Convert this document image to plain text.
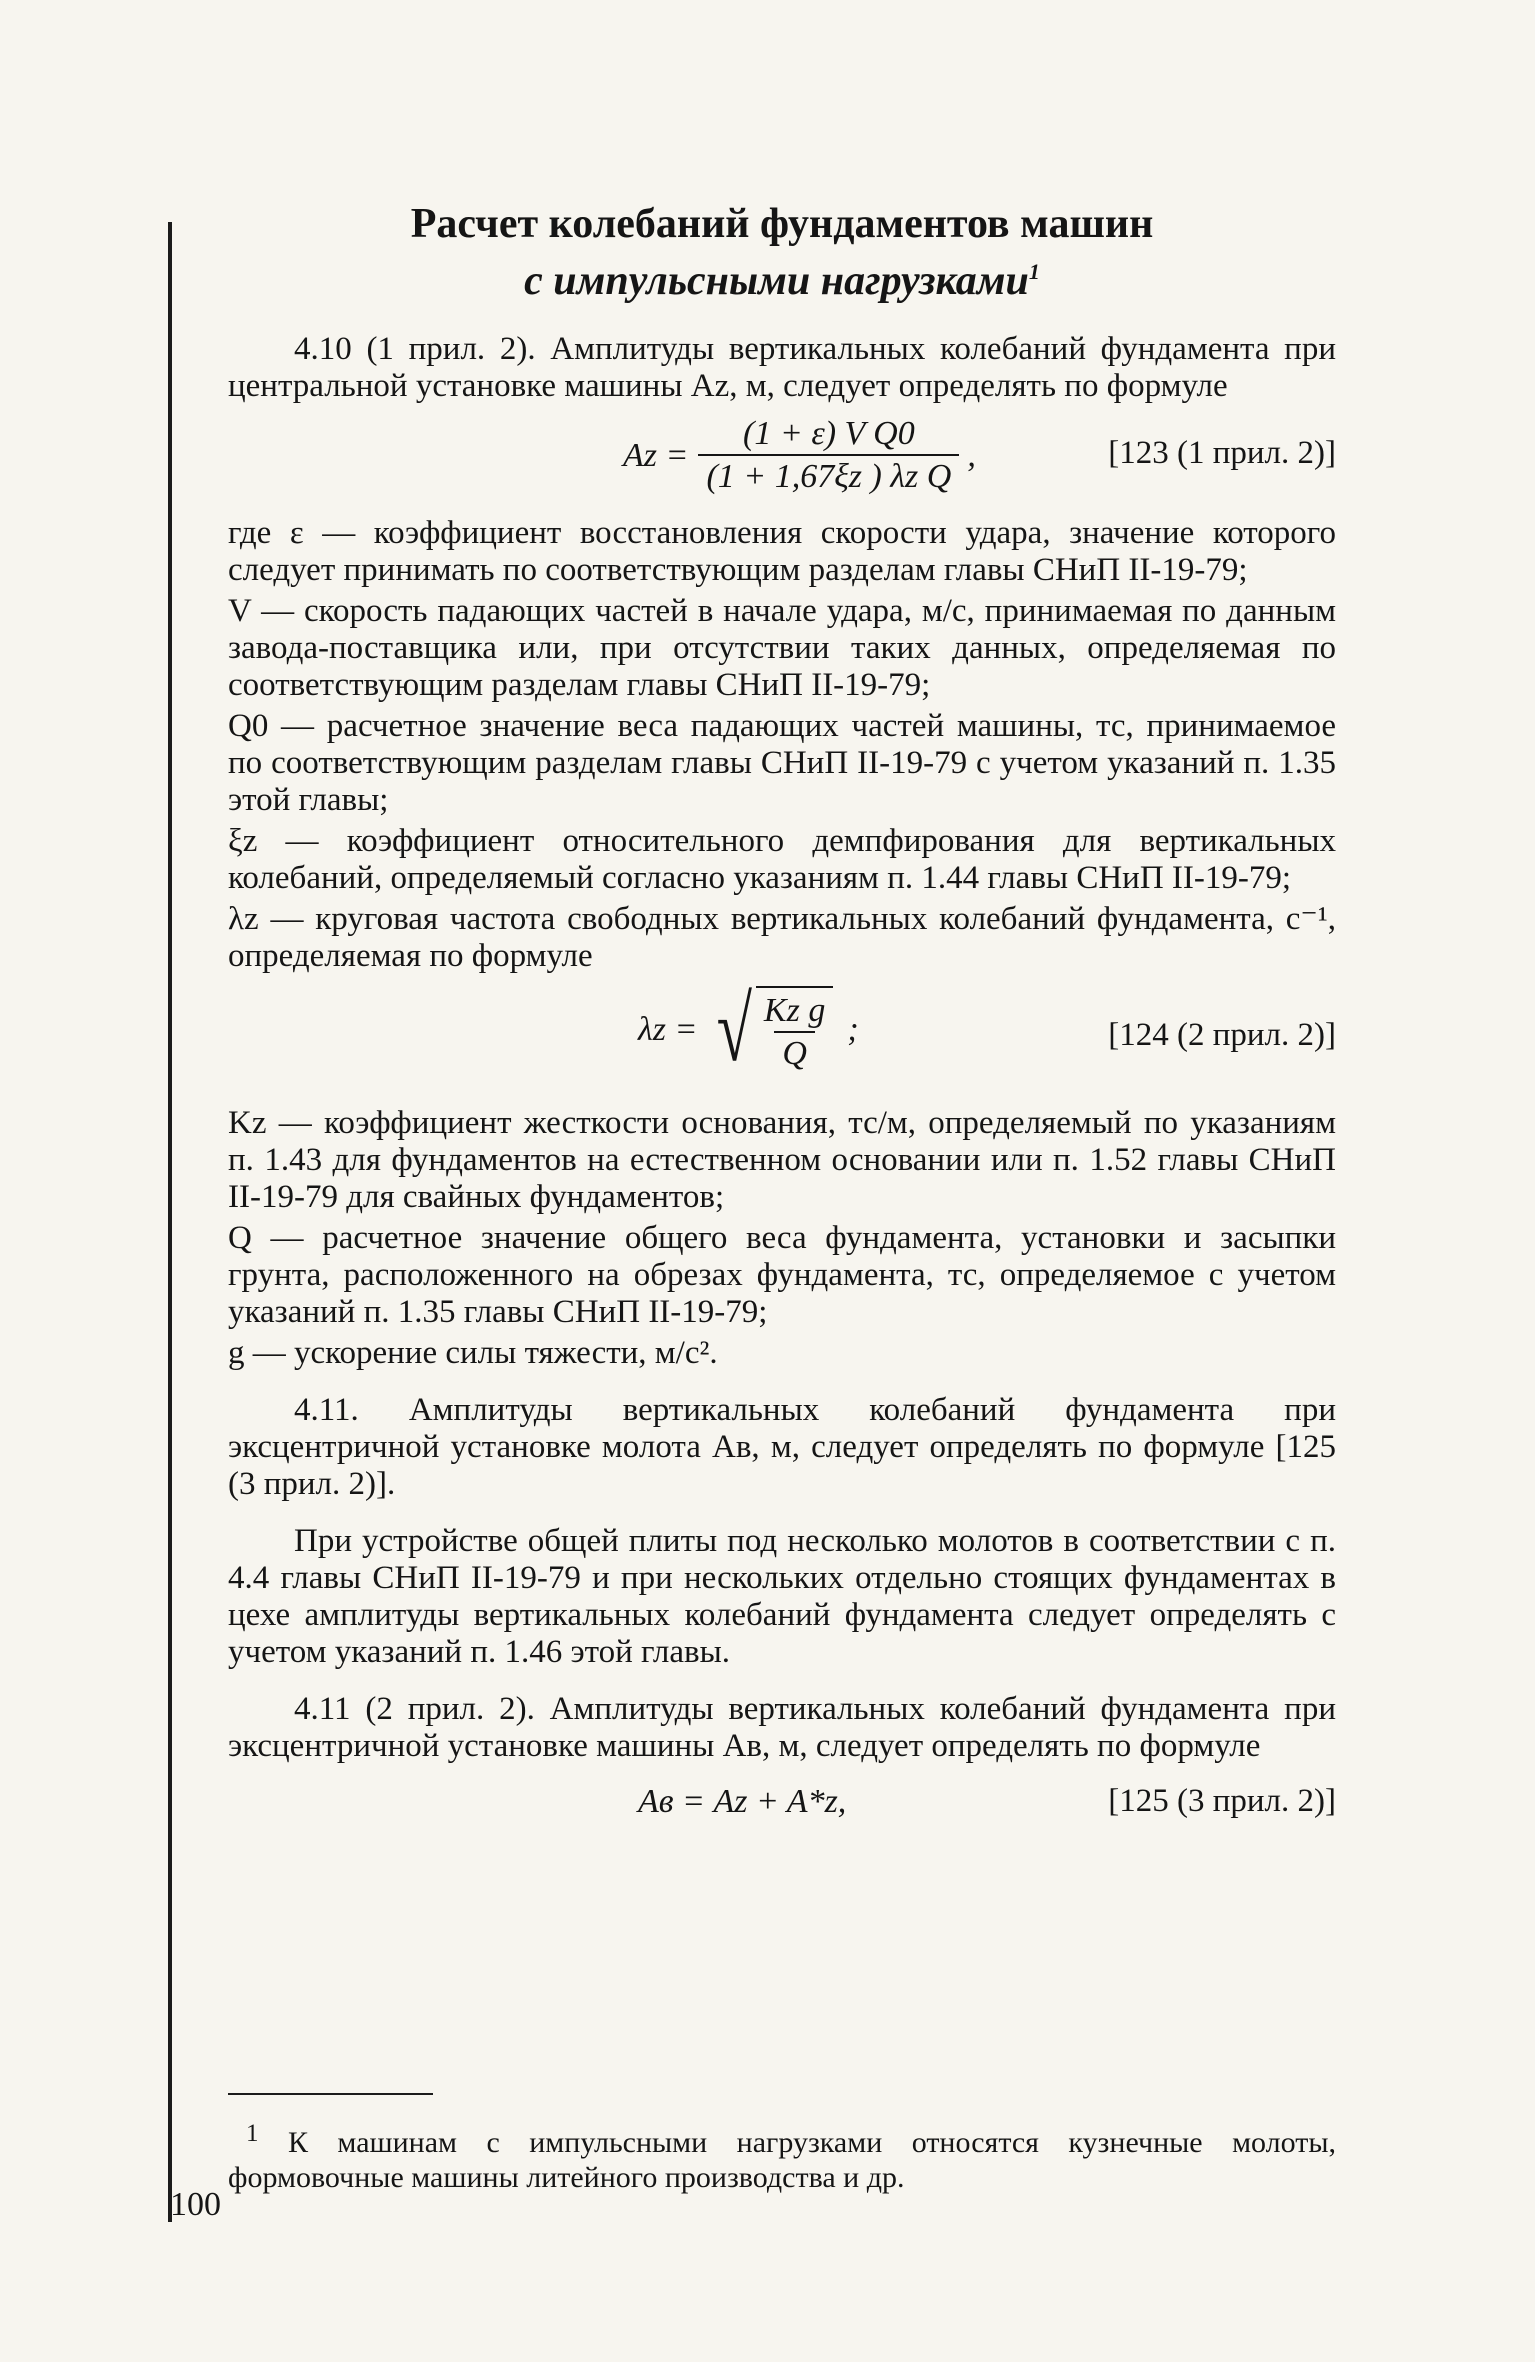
Расчет колебаний фундаментов машин
с импульсными нагрузками$^1$

4.10 (1 прил. 2). Амплитуды вертикальных колебаний фундамента при центральной установке машины Az, м, следует определять по формуле

$Az = \frac{\text{(1 + ε) V Q0}}{\text{(1 + 1,67ξz ) λz Q}}$ ,	[123 (1 прил. 2)]

где ε — коэффициент восстановления скорости удара, значение которого следует принимать по соответствующим разделам главы СНиП II-19-79;

V — скорость падающих частей в начале удара, м/с, принимаемая по данным завода-поставщика или, при отсутствии таких данных, определяемая по соответствующим разделам главы СНиП II-19-79;

Q0 — расчетное значение веса падающих частей машины, тс, принимаемое по соответствующим разделам главы СНиП II-19-79 с учетом указаний п. 1.35 этой главы;

ξz — коэффициент относительного демпфирования для вертикальных колебаний, определяемый согласно указаниям п. 1.44 главы СНиП II-19-79;

λz — круговая частота свободных вертикальных колебаний фундамента, с⁻¹, определяемая по формуле

λz = √ $\frac{\text{Kz g}}{Q}$ ;	[124 (2 прил. 2)]

Kz — коэффициент жесткости основания, тс/м, определяемый по указаниям п. 1.43 для фундаментов на естественном основании или п. 1.52 главы СНиП II-19-79 для свайных фундаментов;

Q — расчетное значение общего веса фундамента, установки и засыпки грунта, расположенного на обрезах фундамента, тс, определяемое с учетом указаний п. 1.35 главы СНиП II-19-79;

g — ускорение силы тяжести, м/с².

4.11. Амплитуды вертикальных колебаний фундамента при эксцентричной установке молота Aв, м, следует определять по формуле [125 (3 прил. 2)].

При устройстве общей плиты под несколько молотов в соответствии с п. 4.4 главы СНиП II-19-79 и при нескольких отдельно стоящих фундаментах в цехе амплитуды вертикальных колебаний фундамента следует определять с учетом указаний п. 1.46 этой главы.

4.11 (2 прил. 2). Амплитуды вертикальных колебаний фундамента при эксцентричной установке машины Aв, м, следует определять по формуле

Aв = Az + A*z,	[125 (3 прил. 2)]
$^1$ К машинам с импульсными нагрузками относятся кузнечные молоты, формовочные машины литейного производства и др.
100
